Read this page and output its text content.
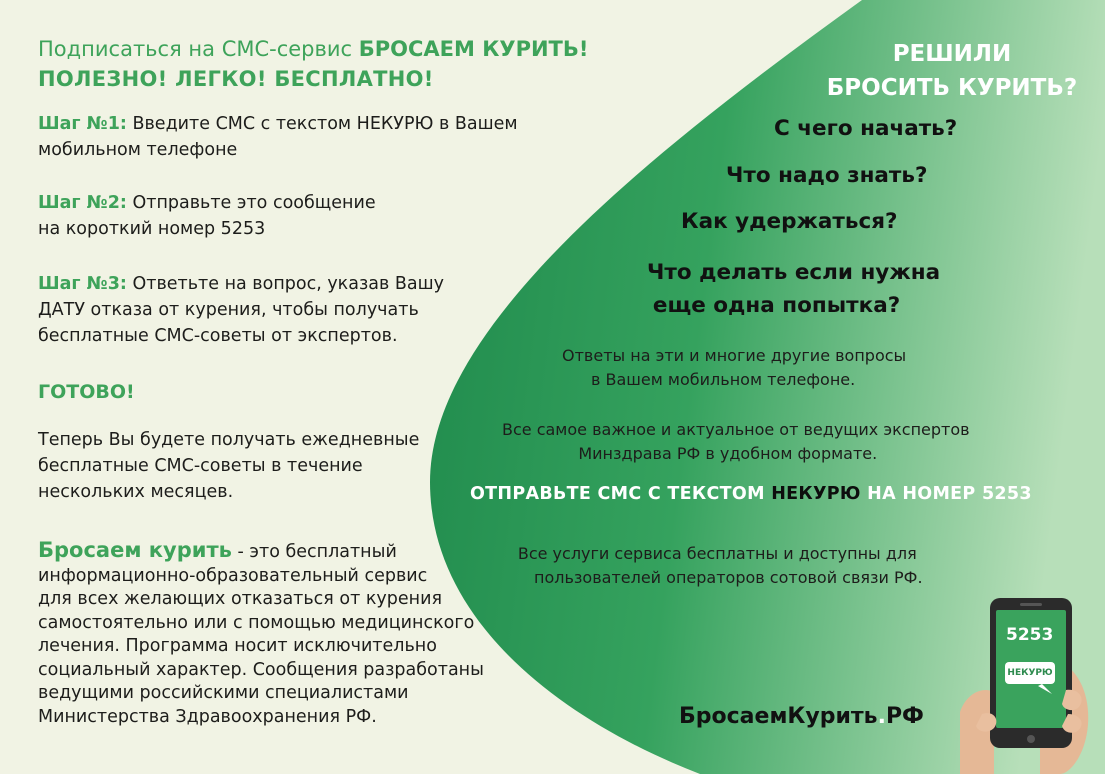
Подписаться на СМС-сервис БРОСАЕМ КУРИТЬ!
ПОЛЕЗНО! ЛЕГКО! БЕСПЛАТНО!
Шаг №1: Введите СМС с текстом НЕКУРЮ в Вашем
мобильном телефоне
Шаг №2: Отправьте это сообщение
на короткий номер 5253
Шаг №3: Ответьте на вопрос, указав Вашу
ДАТУ отказа от курения, чтобы получать
бесплатные СМС-советы от экспертов.
ГОТОВО!
Теперь Вы будете получать ежедневные
бесплатные СМС-советы в течение
нескольких месяцев.
Бросаем курить - это бесплатный
информационно-образовательный сервис
для всех желающих отказаться от курения
самостоятельно или с помощью медицинского
лечения. Программа носит исключительно
социальный характер. Сообщения разработаны
ведущими российскими специалистами
Министерства Здравоохранения РФ.
РЕШИЛИ
БРОСИТЬ КУРИТЬ?
С чего начать?
Что надо знать?
Как удержаться?
Что делать если нужна
еще одна попытка?
Ответы на эти и многие другие вопросы
в Вашем мобильном телефоне.
Все самое важное и актуальное от ведущих экспертов
Минздрава РФ в удобном формате.
ОТПРАВЬТЕ СМС С ТЕКСТОМ НЕКУРЮ НА НОМЕР 5253
Все услуги сервиса бесплатны и доступны для
пользователей операторов сотовой связи РФ.
БросаемКурить.РФ
5253
НЕКУРЮ
